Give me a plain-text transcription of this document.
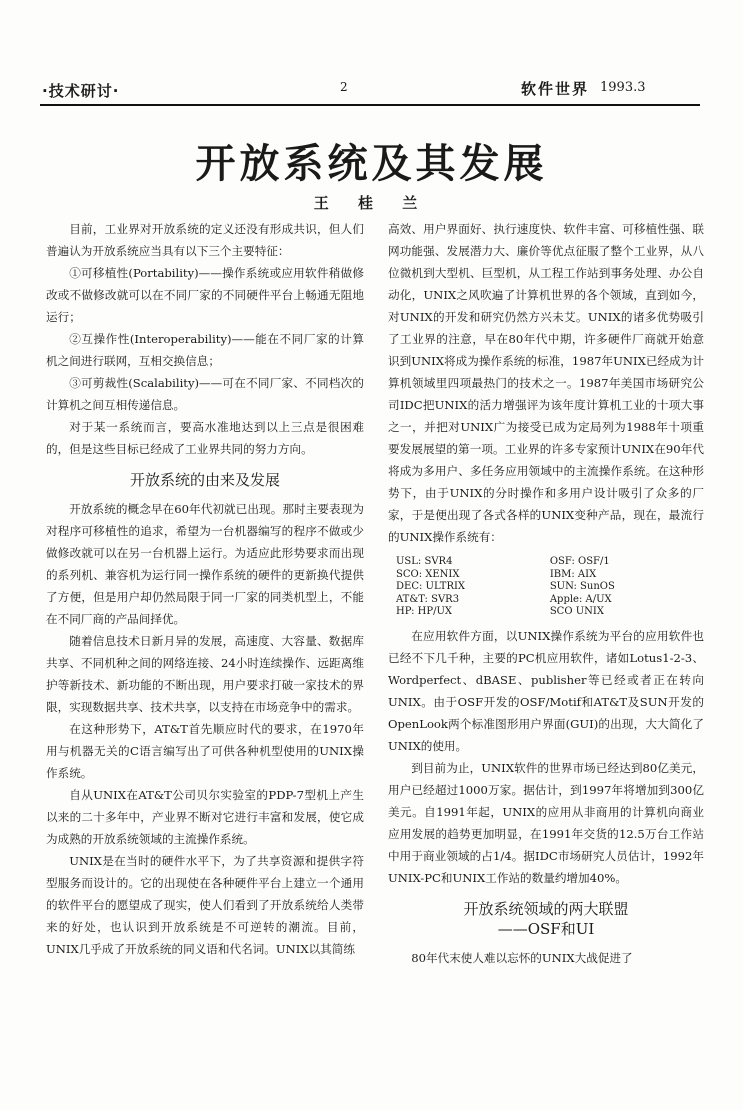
·技术研讨·	2	软件世界 1993.3
开放系统及其发展
王 桂 兰

目前，工业界对开放系统的定义还没有形成共识，但人们普遍认为开放系统应当具有以下三个主要特征：

①可移植性(Portability)——操作系统或应用软件稍做修改或不做修改就可以在不同厂家的不同硬件平台上畅通无阻地运行；

②互操作性(Interoperability)——能在不同厂家的计算机之间进行联网，互相交换信息；

③可剪裁性(Scalability)——可在不同厂家、不同档次的计算机之间互相传递信息。

对于某一系统而言，要高水准地达到以上三点是很困难的，但是这些目标已经成了工业界共同的努力方向。

开放系统的由来及发展

开放系统的概念早在60年代初就已出现。那时主要表现为对程序可移植性的追求，希望为一台机器编写的程序不做或少做修改就可以在另一台机器上运行。为适应此形势要求而出现的系列机、兼容机为运行同一操作系统的硬件的更新换代提供了方便，但是用户却仍然局限于同一厂家的同类机型上，不能在不同厂商的产品间择优。

随着信息技术日新月异的发展，高速度、大容量、数据库共享、不同机种之间的网络连接、24小时连续操作、远距离维护等新技术、新功能的不断出现，用户要求打破一家技术的界限，实现数据共享、技术共享，以支持在市场竞争中的需求。

在这种形势下，AT&T首先顺应时代的要求，在1970年用与机器无关的C语言编写出了可供各种机型使用的UNIX操作系统。

自从UNIX在AT&T公司贝尔实验室的PDP-7型机上产生以来的二十多年中，产业界不断对它进行丰富和发展，使它成为成熟的开放系统领域的主流操作系统。

UNIX是在当时的硬件水平下，为了共享资源和提供字符型服务而设计的。它的出现使在各种硬件平台上建立一个通用的软件平台的愿望成了现实，使人们看到了开放系统给人类带来的好处，也认识到开放系统是不可逆转的潮流。目前，UNIX几乎成了开放系统的同义语和代名词。UNIX以其简练

高效、用户界面好、执行速度快、软件丰富、可移植性强、联网功能强、发展潜力大、廉价等优点征服了整个工业界，从八位微机到大型机、巨型机，从工程工作站到事务处理、办公自动化，UNIX之风吹遍了计算机世界的各个领域，直到如今，对UNIX的开发和研究仍然方兴未艾。UNIX的诸多优势吸引了工业界的注意，早在80年代中期，许多硬件厂商就开始意识到UNIX将成为操作系统的标准，1987年UNIX已经成为计算机领域里四项最热门的技术之一。1987年美国市场研究公司IDC把UNIX的活力增强评为该年度计算机工业的十项大事之一，并把对UNIX广为接受已成为定局列为1988年十项重要发展展望的第一项。工业界的许多专家预计UNIX在90年代将成为多用户、多任务应用领域中的主流操作系统。在这种形势下，由于UNIX的分时操作和多用户设计吸引了众多的厂家，于是便出现了各式各样的UNIX变种产品，现在，最流行的UNIX操作系统有：

USL: SVR4	OSF: OSF/1
SCO: XENIX	IBM: AIX
DEC: ULTRIX	SUN: SunOS
AT&T: SVR3	Apple: A/UX
HP: HP/UX	SCO UNIX

在应用软件方面，以UNIX操作系统为平台的应用软件也已经不下几千种，主要的PC机应用软件，诸如Lotus1-2-3、Wordperfect、dBASE、publisher等已经或者正在转向UNIX。由于OSF开发的OSF/Motif和AT&T及SUN开发的OpenLook两个标准图形用户界面(GUI)的出现，大大简化了UNIX的使用。

到目前为止，UNIX软件的世界市场已经达到80亿美元，用户已经超过1000万家。据估计，到1997年将增加到300亿美元。自1991年起，UNIX的应用从非商用的计算机向商业应用发展的趋势更加明显，在1991年交货的12.5万台工作站中用于商业领域的占1/4。据IDC市场研究人员估计，1992年UNIX-PC和UNIX工作站的数量约增加40%。

开放系统领域的两大联盟
——OSF和UI

80年代末使人难以忘怀的UNIX大战促进了
